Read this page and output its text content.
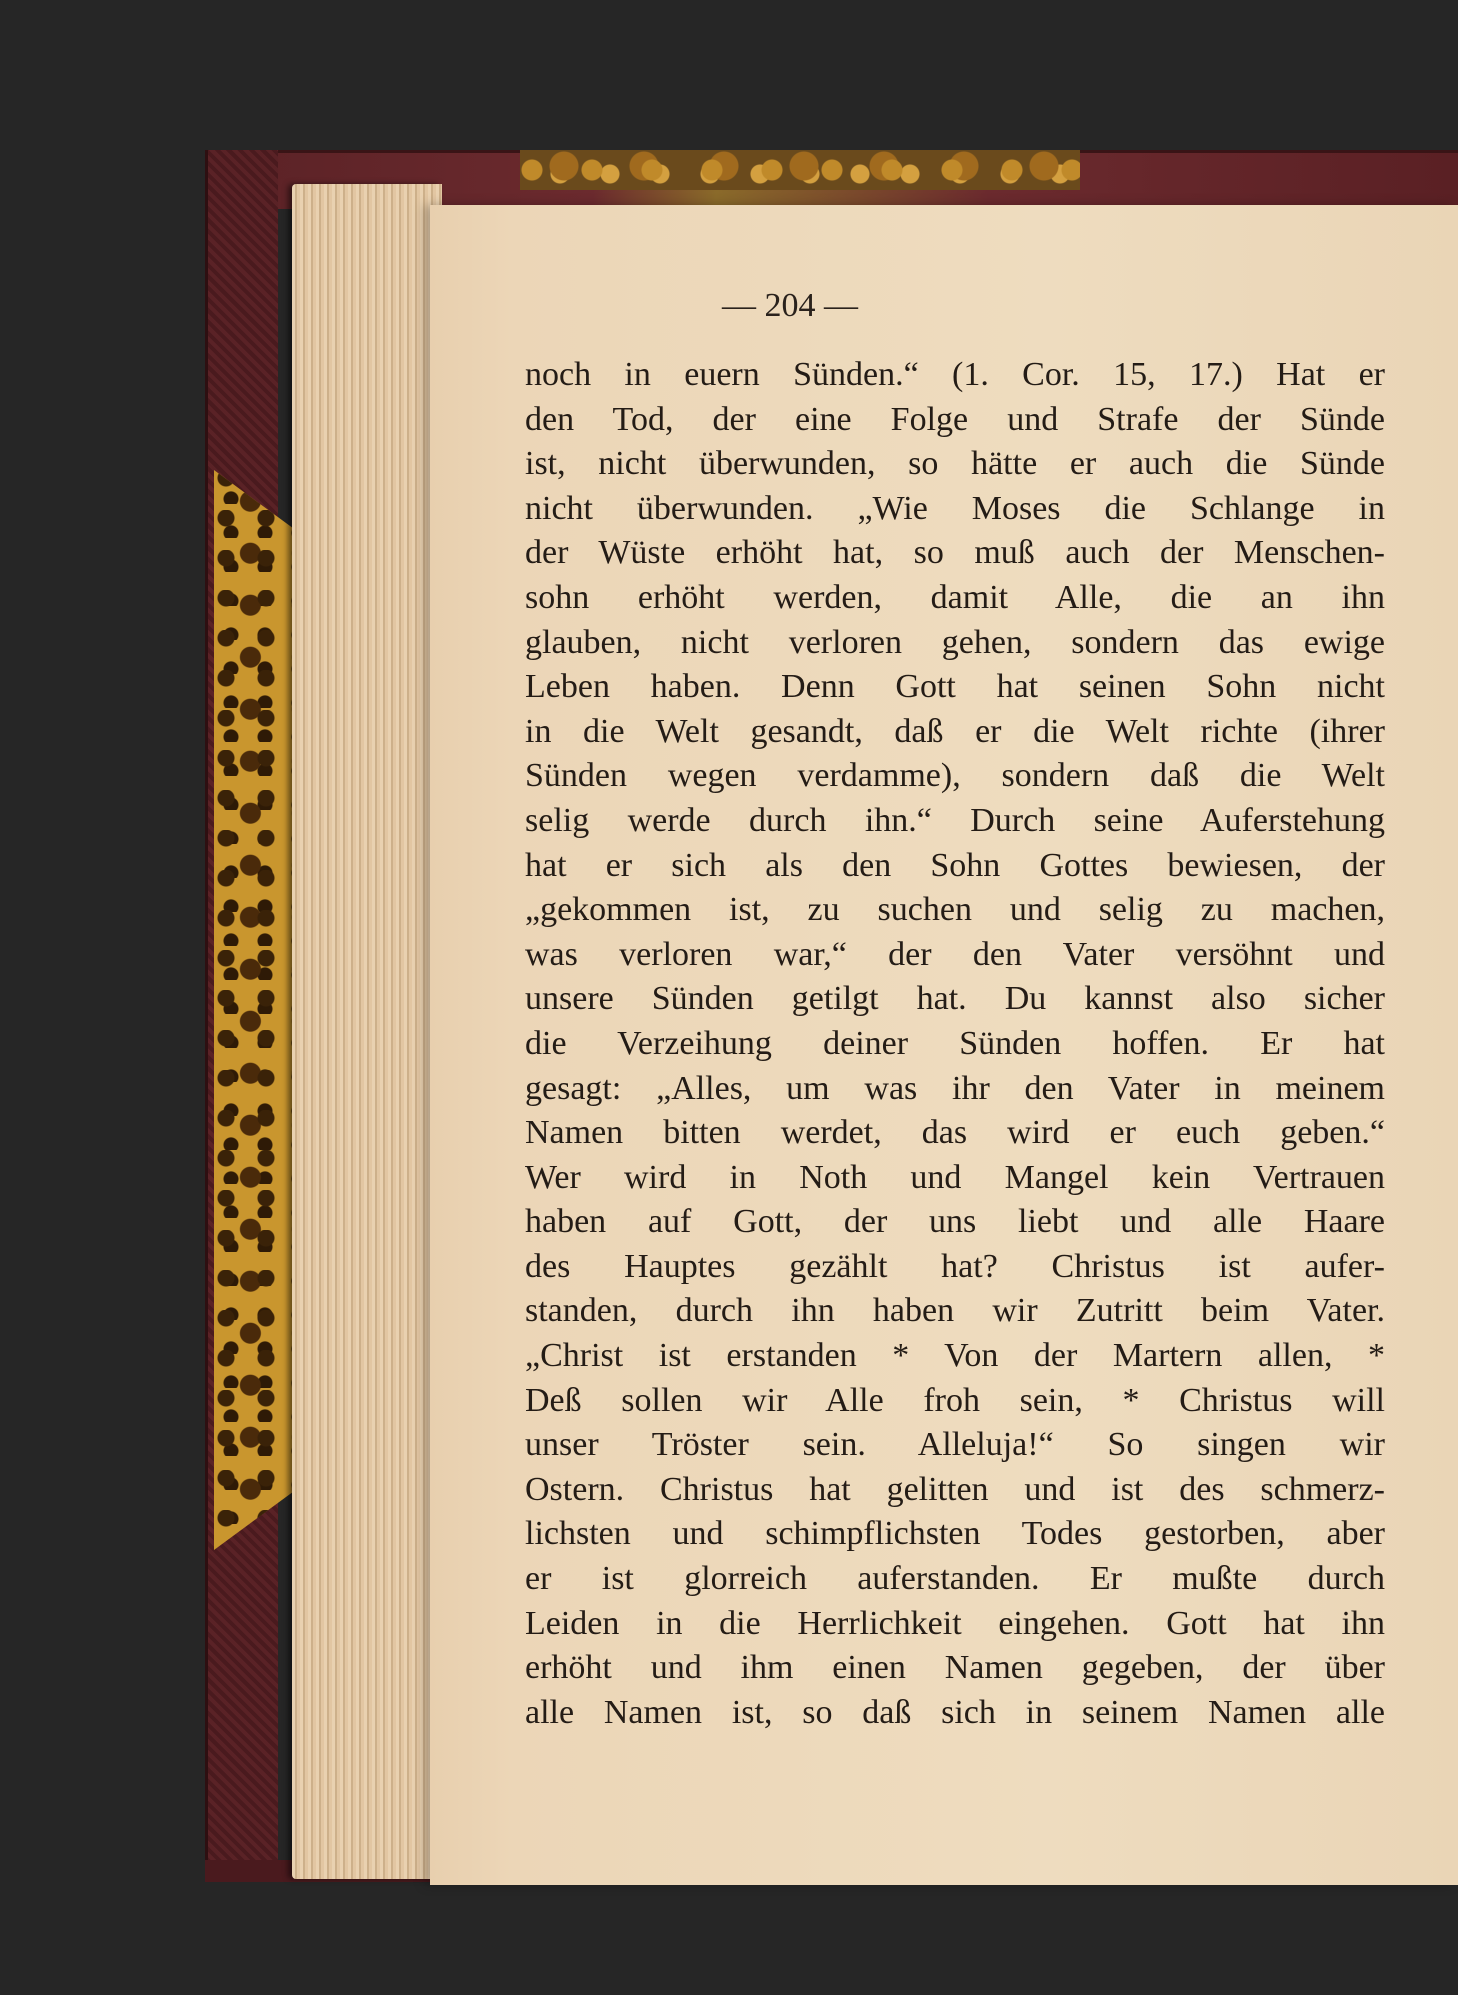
— 204 —
noch in euern Sünden.“ (1. Cor. 15, 17.) Hat er
den Tod, der eine Folge und Strafe der Sünde
ist, nicht überwunden, so hätte er auch die Sünde
nicht überwunden. „Wie Moses die Schlange in
der Wüste erhöht hat, so muß auch der Menschen-
sohn erhöht werden, damit Alle, die an ihn
glauben, nicht verloren gehen, sondern das ewige
Leben haben. Denn Gott hat seinen Sohn nicht
in die Welt gesandt, daß er die Welt richte (ihrer
Sünden wegen verdamme), sondern daß die Welt
selig werde durch ihn.“ Durch seine Auferstehung
hat er sich als den Sohn Gottes bewiesen, der
„gekommen ist, zu suchen und selig zu machen,
was verloren war,“ der den Vater versöhnt und
unsere Sünden getilgt hat. Du kannst also sicher
die Verzeihung deiner Sünden hoffen. Er hat
gesagt: „Alles, um was ihr den Vater in meinem
Namen bitten werdet, das wird er euch geben.“
Wer wird in Noth und Mangel kein Vertrauen
haben auf Gott, der uns liebt und alle Haare
des Hauptes gezählt hat? Christus ist aufer-
standen, durch ihn haben wir Zutritt beim Vater.
„Christ ist erstanden * Von der Martern allen, *
Deß sollen wir Alle froh sein, * Christus will
unser Tröster sein. Alleluja!“ So singen wir
Ostern. Christus hat gelitten und ist des schmerz-
lichsten und schimpflichsten Todes gestorben, aber
er ist glorreich auferstanden. Er mußte durch
Leiden in die Herrlichkeit eingehen. Gott hat ihn
erhöht und ihm einen Namen gegeben, der über
alle Namen ist, so daß sich in seinem Namen alle
